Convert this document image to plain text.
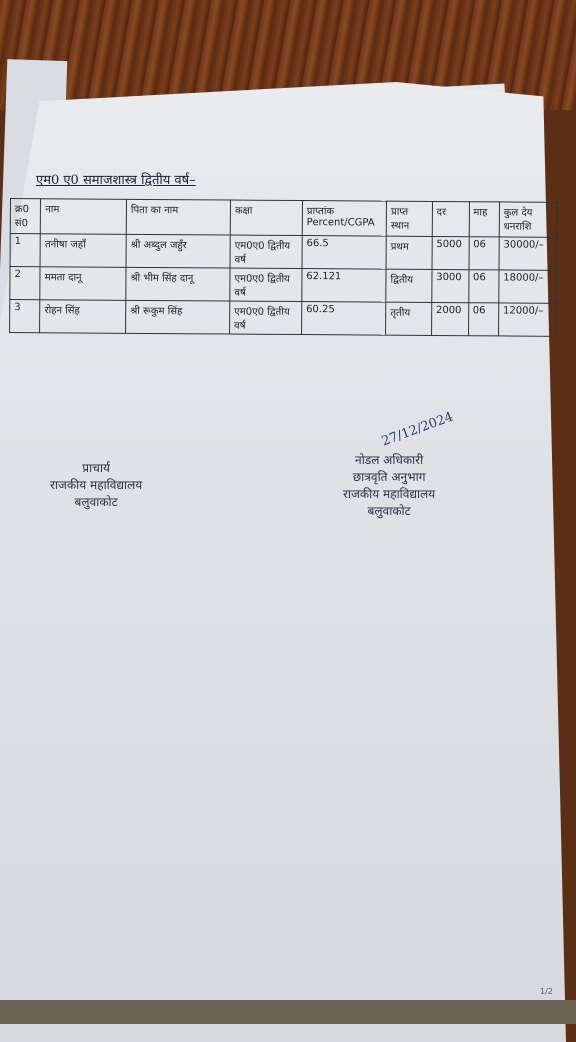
एम0 ए0 समाजशास्त्र द्वितीय वर्ष–
क्र0 सं0	नाम	पिता का नाम	कक्षा	प्राप्तांक Percent/CGPA	प्राप्त स्थान	दर	माह	कुल देय धनराशि
1	तनीषा जहाँ	श्री अब्दुल जहुँर	एम0ए0 द्वितीय वर्ष	66.5	प्रथम	5000	06	30000/–
2	ममता दानू	श्री भीम सिंह दानू	एम0ए0 द्वितीय वर्ष	62.121	द्वितीय	3000	06	18000/–
3	रोहन सिंह	श्री रूकुम सिंह	एम0ए0 द्वितीय वर्ष	60.25	तृतीय	2000	06	12000/–
प्राचार्य
राजकीय महाविद्यालय
बलुवाकोट
27/12/2024
नोडल अधिकारी
छात्रवृति अनुभाग
राजकीय महाविद्यालय
बलुवाकोट
1/2
